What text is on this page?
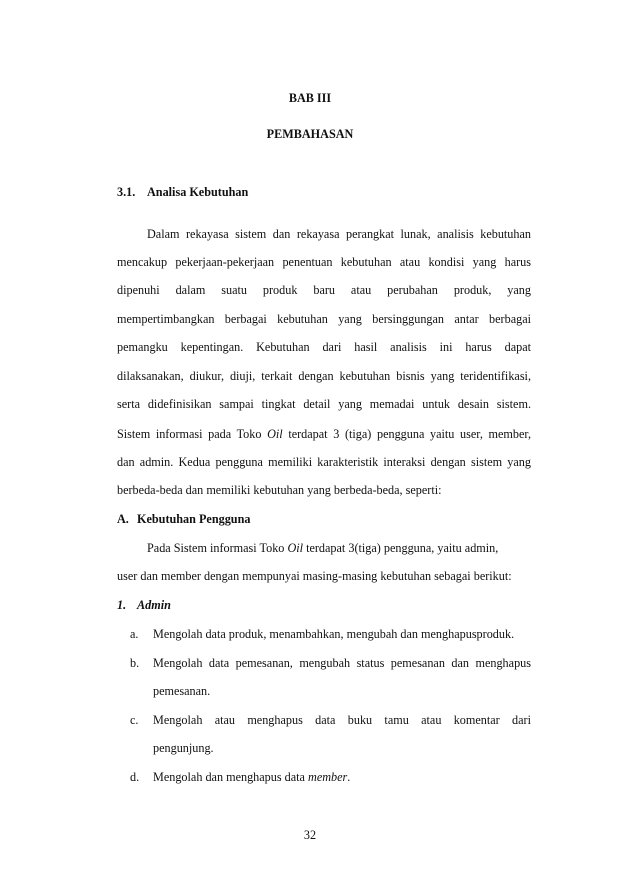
BAB III
PEMBAHASAN
3.1. Analisa Kebutuhan
Dalam rekayasa sistem dan rekayasa perangkat lunak, analisis kebutuhan
mencakup pekerjaan-pekerjaan penentuan kebutuhan atau kondisi yang harus
dipenuhi dalam suatu produk baru atau perubahan produk, yang
mempertimbangkan berbagai kebutuhan yang bersinggungan antar berbagai
pemangku kepentingan. Kebutuhan dari hasil analisis ini harus dapat
dilaksanakan, diukur, diuji, terkait dengan kebutuhan bisnis yang teridentifikasi,
serta didefinisikan sampai tingkat detail yang memadai untuk desain sistem.
Sistem informasi pada Toko Oil terdapat 3 (tiga) pengguna yaitu user, member,
dan admin. Kedua pengguna memiliki karakteristik interaksi dengan sistem yang
berbeda-beda dan memiliki kebutuhan yang berbeda-beda, seperti:
A. Kebutuhan Pengguna
Pada Sistem informasi Toko Oil terdapat 3(tiga) pengguna, yaitu admin,
user dan member dengan mempunyai masing-masing kebutuhan sebagai berikut:
1. Admin
a. Mengolah data produk, menambahkan, mengubah dan menghapusproduk.
b. Mengolah data pemesanan, mengubah status pemesanan dan menghapus
pemesanan.
c. Mengolah atau menghapus data buku tamu atau komentar dari
pengunjung.
d. Mengolah dan menghapus data member.
32
